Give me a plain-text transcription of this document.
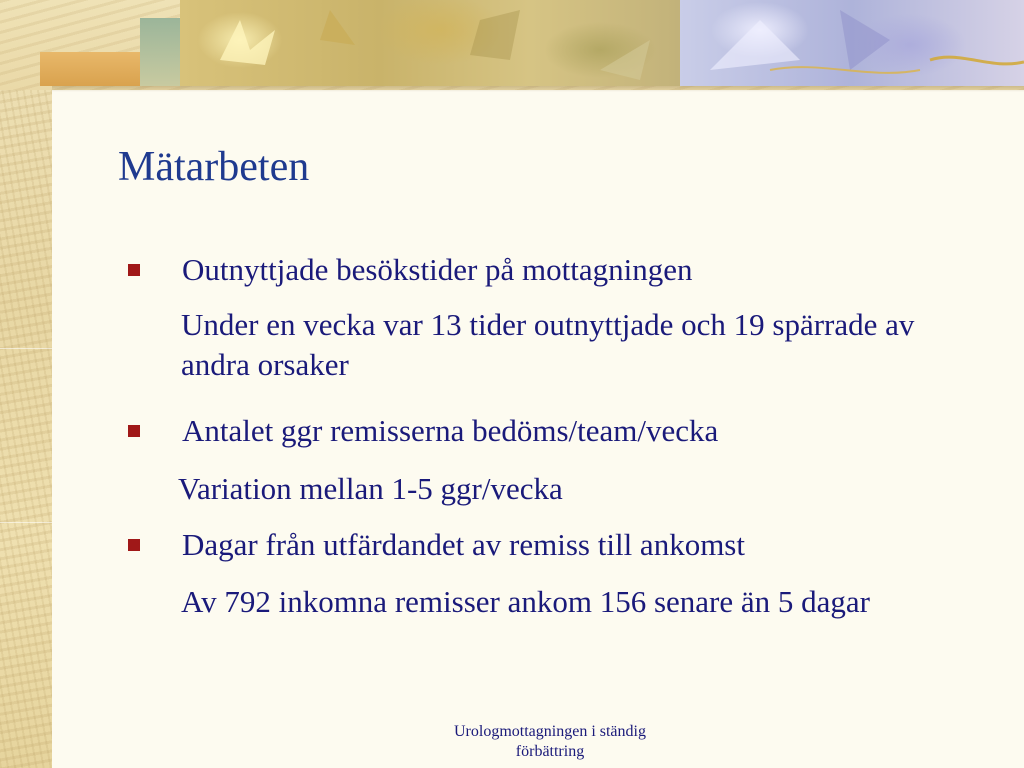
Mätarbeten
Outnyttjade besökstider på mottagningen
Under en vecka var 13 tider outnyttjade och 19 spärrade av andra orsaker
Antalet ggr remisserna bedöms/team/vecka
Variation mellan 1-5 ggr/vecka
Dagar från utfärdandet av remiss till ankomst
Av 792 inkomna remisser ankom 156 senare än 5 dagar
Urologmottagningen i ständig
förbättring
